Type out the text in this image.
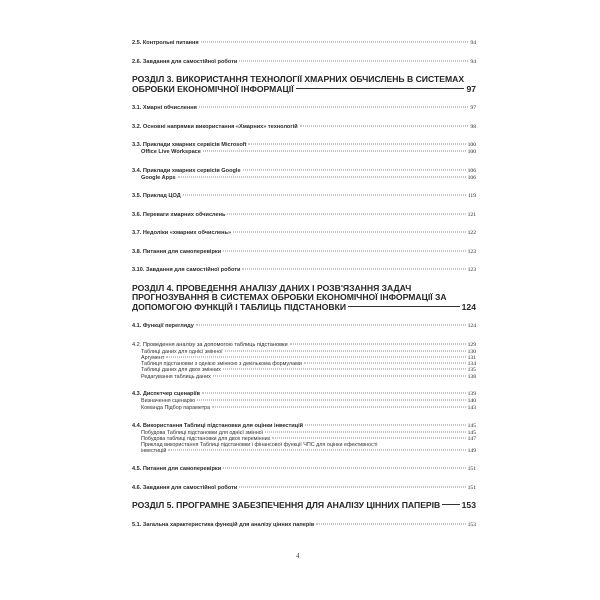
2.5. Контрольні питання	94
2.6. Завдання для самостійної роботи	94
РОЗДІЛ 3. ВИКОРИСТАННЯ ТЕХНОЛОГІЇ ХМАРНИХ ОБЧИСЛЕНЬ В СИСТЕМАХ
ОБРОБКИ ЕКОНОМІЧНОЇ ІНФОРМАЦІЇ	97
3.1. Хмарні обчислення	97
3.2. Основні напрямки використання «Хмарних» технологій	98
3.3. Приклади хмарних сервісів Microsoft	100
Office Live Workspace	100
3.4. Приклади хмарних сервісів Google	106
Google Apps	106
3.5. Приклад ЦОД	119
3.6. Переваги хмарних обчислень	121
3.7. Недоліки «хмарних обчислень»	122
3.8. Питання для самоперевірки	123
3.10. Завдання для самостійної роботи	123
РОЗДІЛ 4. ПРОВЕДЕННЯ АНАЛІЗУ ДАНИХ І РОЗВ'ЯЗАННЯ ЗАДАЧ
ПРОГНОЗУВАННЯ В СИСТЕМАХ ОБРОБКИ ЕКОНОМІЧНОЇ ІНФОРМАЦІЇ ЗА
ДОПОМОГОЮ ФУНКЦІЙ І ТАБЛИЦЬ ПІДСТАНОВКИ	124
4.1. Функції перегляду	124
4.2. Проведення аналізу за допомогою таблиць підстановки	129
Таблиці даних для однієї змінної	130
Аргумент	131
Таблиця підстановки з однією змінною з декількома формулами	134
Таблиці даних для двох змінних	135
Редагування таблиць даних	138
4.3. Диспетчер сценаріїв	139
Визначення сценарію	140
Команда Підбор параметра	143
4.4. Використання Таблиці підстановки для оцінки інвестицій	145
Побудова Таблиці підстановки для однієї змінної	145
Побудова таблиці підстановки для двох перемінних	147
Приклад використання Таблиці підстановки і фінансової функції ЧПС для оцінки ефективності
інвестицій	149
4.5. Питання для самоперевірки	151
4.6. Завдання для самостійної роботи	151
РОЗДІЛ 5. ПРОГРАМНЕ ЗАБЕЗПЕЧЕННЯ ДЛЯ АНАЛІЗУ ЦІННИХ ПАПЕРІВ 153
5.1. Загальна характеристика функцій для аналізу цінних паперів	153
4
